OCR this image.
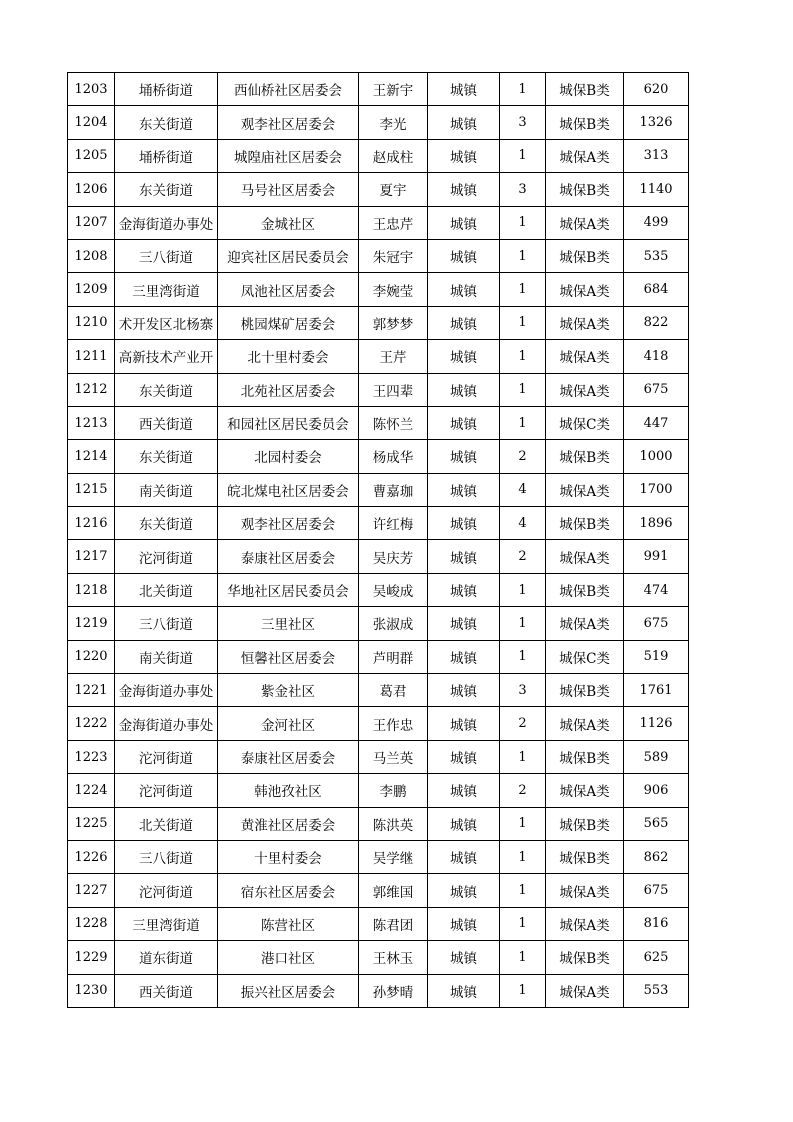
1203	埇桥街道	西仙桥社区居委会	王新宇	城镇	1	城保B类	620
1204	东关街道	观李社区居委会	李光	城镇	3	城保B类	1326
1205	埇桥街道	城隍庙社区居委会	赵成柱	城镇	1	城保A类	313
1206	东关街道	马号社区居委会	夏宇	城镇	3	城保B类	1140
1207	金海街道办事处	金城社区	王忠芹	城镇	1	城保A类	499
1208	三八街道	迎宾社区居民委员会	朱冠宇	城镇	1	城保B类	535
1209	三里湾街道	凤池社区居委会	李婉莹	城镇	1	城保A类	684
1210	术开发区北杨寨	桃园煤矿居委会	郭梦梦	城镇	1	城保A类	822
1211	高新技术产业开	北十里村委会	王芹	城镇	1	城保A类	418
1212	东关街道	北苑社区居委会	王四辈	城镇	1	城保A类	675
1213	西关街道	和园社区居民委员会	陈怀兰	城镇	1	城保C类	447
1214	东关街道	北园村委会	杨成华	城镇	2	城保B类	1000
1215	南关街道	皖北煤电社区居委会	曹嘉珈	城镇	4	城保A类	1700
1216	东关街道	观李社区居委会	许红梅	城镇	4	城保B类	1896
1217	沱河街道	泰康社区居委会	吴庆芳	城镇	2	城保A类	991
1218	北关街道	华地社区居民委员会	吴峻成	城镇	1	城保B类	474
1219	三八街道	三里社区	张淑成	城镇	1	城保A类	675
1220	南关街道	恒馨社区居委会	芦明群	城镇	1	城保C类	519
1221	金海街道办事处	紫金社区	葛君	城镇	3	城保B类	1761
1222	金海街道办事处	金河社区	王作忠	城镇	2	城保A类	1126
1223	沱河街道	泰康社区居委会	马兰英	城镇	1	城保B类	589
1224	沱河街道	韩池孜社区	李鹏	城镇	2	城保A类	906
1225	北关街道	黄淮社区居委会	陈洪英	城镇	1	城保B类	565
1226	三八街道	十里村委会	吴学继	城镇	1	城保B类	862
1227	沱河街道	宿东社区居委会	郭维国	城镇	1	城保A类	675
1228	三里湾街道	陈营社区	陈君团	城镇	1	城保A类	816
1229	道东街道	港口社区	王林玉	城镇	1	城保B类	625
1230	西关街道	振兴社区居委会	孙梦晴	城镇	1	城保A类	553
